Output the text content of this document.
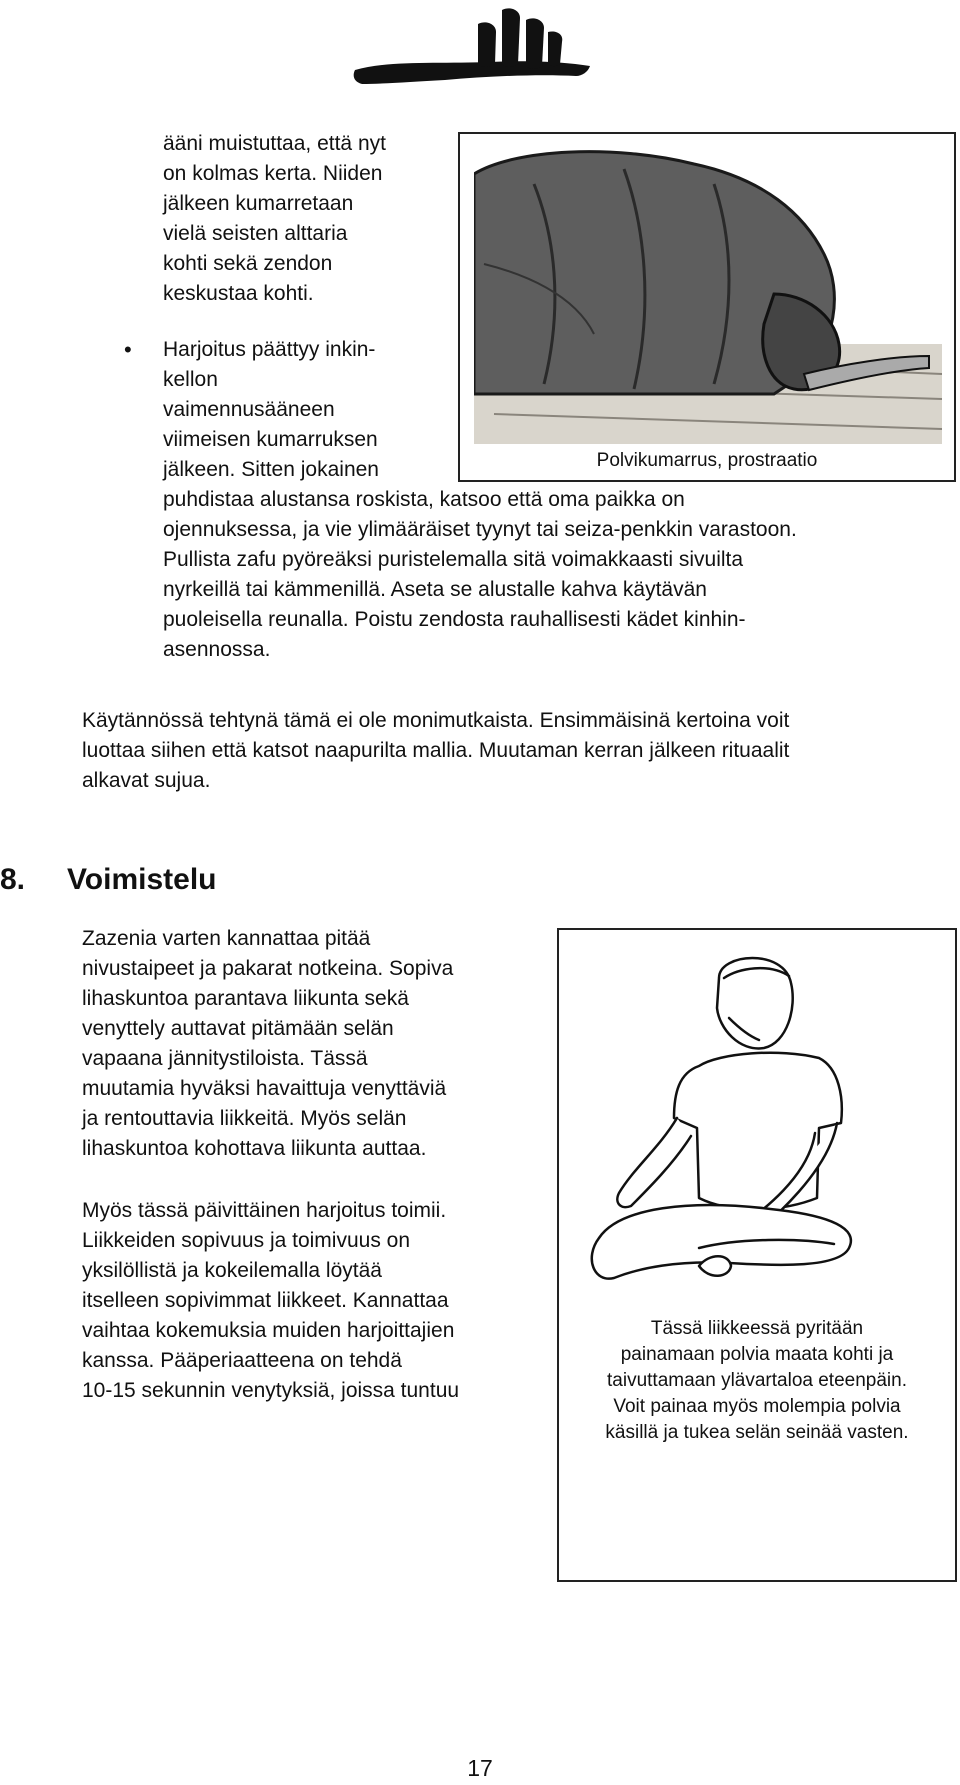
ääni muistuttaa, että nyt

on kolmas kerta. Niiden

jälkeen kumarretaan

vielä seisten alttaria

kohti sekä zendon

keskustaa kohti.

• Harjoitus päättyy inkin-

kellon

vaimennusääneen

viimeisen kumarruksen

jälkeen. Sitten jokainen

puhdistaa alustansa roskista, katsoo että oma paikka on

ojennuksessa, ja vie ylimääräiset tyynyt tai seiza-penkkin varastoon.

Pullista zafu pyöreäksi puristelemalla sitä voimakkaasti sivuilta

nyrkeillä tai kämmenillä. Aseta se alustalle kahva käytävän

puoleisella reunalla. Poistu zendosta rauhallisesti kädet kinhin-

asennossa.

Käytännössä tehtynä tämä ei ole monimutkaista. Ensimmäisinä kertoina voit

luottaa siihen että katsot naapurilta mallia. Muutaman kerran jälkeen rituaalit

alkavat sujua.

Polvikumarrus, prostraatio
8. Voimistelu

Zazenia varten kannattaa pitää

nivustaipeet ja pakarat notkeina. Sopiva

lihaskuntoa parantava liikunta sekä

venyttely auttavat pitämään selän

vapaana jännitystiloista. Tässä

muutamia hyväksi havaittuja venyttäviä

ja rentouttavia liikkeitä. Myös selän

lihaskuntoa kohottava liikunta auttaa.

Myös tässä päivittäinen harjoitus toimii.

Liikkeiden sopivuus ja toimivuus on

yksilöllistä ja kokeilemalla löytää

itselleen sopivimmat liikkeet. Kannattaa

vaihtaa kokemuksia muiden harjoittajien

kanssa. Pääperiaatteena on tehdä

10-15 sekunnin venytyksiä, joissa tuntuu

Tässä liikkeessä pyritään
painamaan polvia maata kohti ja
taivuttamaan ylävartaloa eteenpäin.
Voit painaa myös molempia polvia
käsillä ja tukea selän seinää vasten.
17
